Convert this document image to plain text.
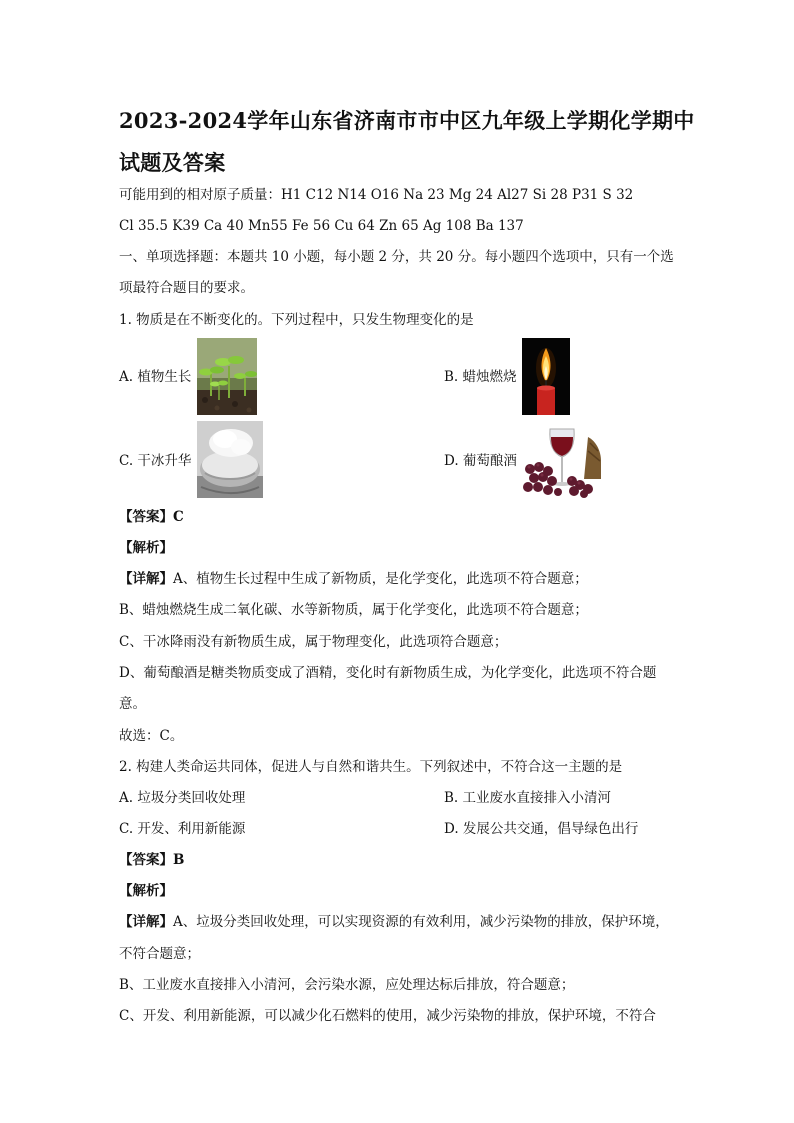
2023-2024学年山东省济南市市中区九年级上学期化学期中
试题及答案
可能用到的相对原子质量：H1 C12 N14 O16 Na 23 Mg 24 Al27 Si 28 P31 S 32
Cl 35.5 K39 Ca 40 Mn55 Fe 56 Cu 64 Zn 65 Ag 108 Ba 137
一、单项选择题：本题共 10 小题，每小题 2 分，共 20 分。每小题四个选项中，只有一个选
项最符合题目的要求。
1. 物质是在不断变化的。下列过程中，只发生物理变化的是
A. 植物生长	B. 蜡烛燃烧
C. 干冰升华	D. 葡萄酿酒
【答案】C
【解析】
【详解】A、植物生长过程中生成了新物质，是化学变化，此选项不符合题意；
B、蜡烛燃烧生成二氧化碳、水等新物质，属于化学变化，此选项不符合题意；
C、干冰降雨没有新物质生成，属于物理变化，此选项符合题意；
D、葡萄酿酒是糖类物质变成了酒精，变化时有新物质生成，为化学变化，此选项不符合题
意。
故选：C。
2. 构建人类命运共同体，促进人与自然和谐共生。下列叙述中，不符合这一主题的是
A. 垃圾分类回收处理	B. 工业废水直接排入小清河
C. 开发、利用新能源	D. 发展公共交通，倡导绿色出行
【答案】B
【解析】
【详解】A、垃圾分类回收处理，可以实现资源的有效利用，减少污染物的排放，保护环境，
不符合题意；
B、工业废水直接排入小清河，会污染水源，应处理达标后排放，符合题意；
C、开发、利用新能源，可以减少化石燃料的使用，减少污染物的排放，保护环境，不符合
